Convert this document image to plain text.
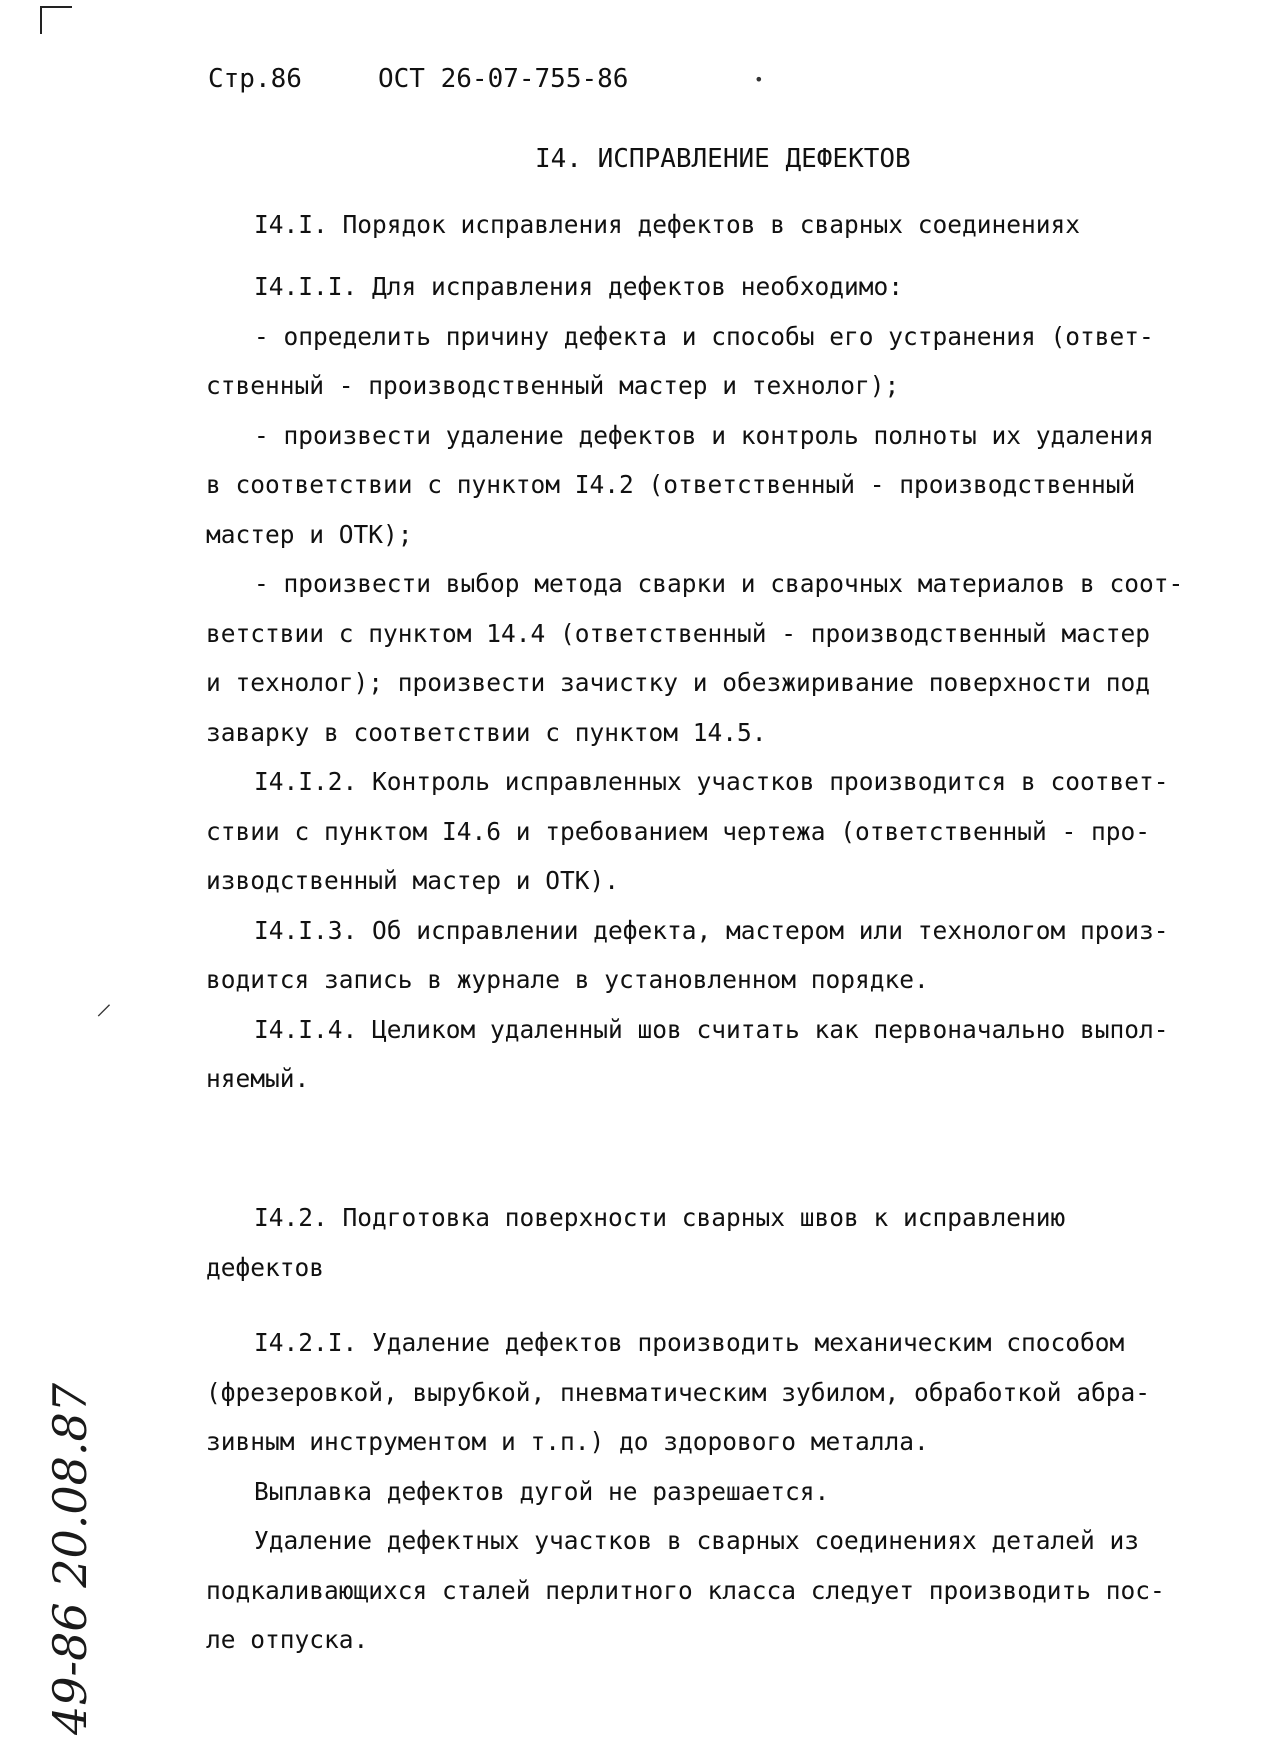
Стр.86	ОСТ 26-07-755-86
I4. ИСПРАВЛЕНИЕ ДЕФЕКТОВ
I4.I. Порядок исправления дефектов в сварных соединениях
I4.I.I. Для исправления дефектов необходимо:
- определить причину дефекта и способы его устранения (ответ-
ственный - производственный мастер и технолог);
- произвести удаление дефектов и контроль полноты их удаления
в соответствии с пунктом I4.2 (ответственный - производственный
мастер и ОТК);
- произвести выбор метода сварки и сварочных материалов в соот-
ветствии с пунктом 14.4 (ответственный - производственный мастер
и технолог); произвести зачистку и обезжиривание поверхности под
заварку в соответствии с пунктом 14.5.
I4.I.2. Контроль исправленных участков производится в соответ-
ствии с пунктом I4.6 и требованием чертежа (ответственный - про-
изводственный мастер и ОТК).
I4.I.3. Об исправлении дефекта, мастером или технологом произ-
водится запись в журнале в установленном порядке.
I4.I.4. Целиком удаленный шов считать как первоначально выпол-
няемый.
I4.2. Подготовка поверхности сварных швов к исправлению
дефектов
I4.2.I. Удаление дефектов производить механическим способом
(фрезеровкой, вырубкой, пневматическим зубилом, обработкой абра-
зивным инструментом и т.п.) до здорового металла.
Выплавка дефектов дугой не разрешается.
Удаление дефектных участков в сварных соединениях деталей из
подкаливающихся сталей перлитного класса следует производить пос-
ле отпуска.
49-86 20.08.87
•
|
